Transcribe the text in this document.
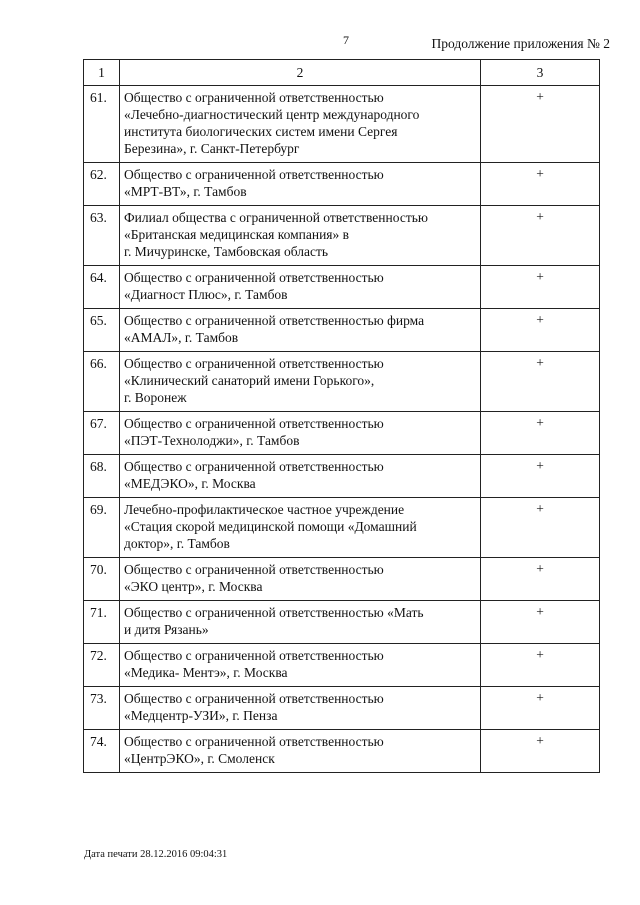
7	Продолжение приложения № 2
1	2	3
61.	Общество с ограниченной ответственностью
«Лечебно-диагностический центр международного
института биологических систем имени Сергея
Березина», г. Санкт-Петербург	+
62.	Общество с ограниченной ответственностью
«МРТ-ВТ», г. Тамбов	+
63.	Филиал общества с ограниченной ответственностью
«Британская медицинская компания» в
г. Мичуринске, Тамбовская область	+
64.	Общество с ограниченной ответственностью
«Диагност Плюс», г. Тамбов	+
65.	Общество с ограниченной ответственностью фирма
«АМАЛ», г. Тамбов	+
66.	Общество с ограниченной ответственностью
«Клинический санаторий имени Горького»,
г. Воронеж	+
67.	Общество с ограниченной ответственностью
«ПЭТ-Технолоджи», г. Тамбов	+
68.	Общество с ограниченной ответственностью
«МЕДЭКО», г. Москва	+
69.	Лечебно-профилактическое частное учреждение
«Стация скорой медицинской помощи «Домашний
доктор», г. Тамбов	+
70.	Общество с ограниченной ответственностью
«ЭКО центр», г. Москва	+
71.	Общество с ограниченной ответственностью «Мать
и дитя Рязань»	+
72.	Общество с ограниченной ответственностью
«Медика- Ментэ», г. Москва	+
73.	Общество с ограниченной ответственностью
«Медцентр-УЗИ», г. Пенза	+
74.	Общество с ограниченной ответственностью
«ЦентрЭКО», г. Смоленск	+
Дата печати 28.12.2016 09:04:31
